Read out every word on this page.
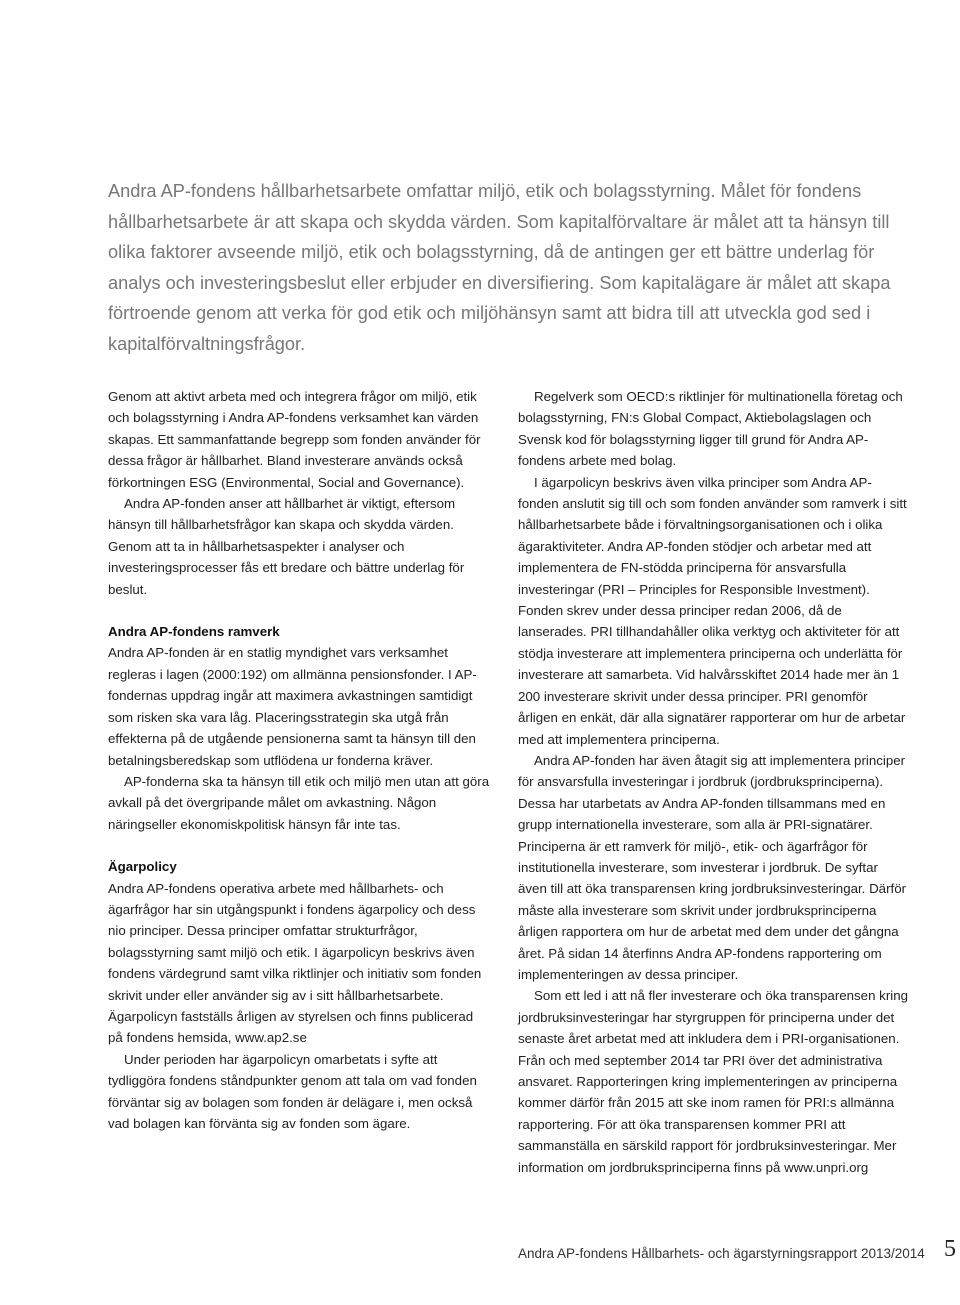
Andra AP-fondens hållbarhetsarbete omfattar miljö, etik och bolagsstyrning. Målet för fondens hållbarhetsarbete är att skapa och skydda värden. Som kapitalförvaltare är målet att ta hänsyn till olika faktorer avseende miljö, etik och bolagsstyrning, då de antingen ger ett bättre underlag för analys och investeringsbeslut eller erbjuder en diversifiering. Som kapitalägare är målet att skapa förtroende genom att verka för god etik och miljöhänsyn samt att bidra till att utveckla god sed i kapitalförvaltningsfrågor.

Genom att aktivt arbeta med och integrera frågor om miljö, etik och bolagsstyrning i Andra AP-fondens verksamhet kan värden skapas. Ett sammanfattande begrepp som fonden använder för dessa frågor är hållbarhet. Bland investerare används också förkortningen ESG (Environmental, Social and Governance).

Andra AP-fonden anser att hållbarhet är viktigt, eftersom hänsyn till hållbarhetsfrågor kan skapa och skydda värden. Genom att ta in hållbarhetsaspekter i analyser och investeringsprocesser fås ett bredare och bättre underlag för beslut.

Andra AP-fondens ramverk

Andra AP-fonden är en statlig myndighet vars verksamhet regleras i lagen (2000:192) om allmänna pensionsfonder. I AP-fondernas uppdrag ingår att maximera avkastningen samtidigt som risken ska vara låg. Placeringsstrategin ska utgå från effekterna på de utgående pensionerna samt ta hänsyn till den betalningsberedskap som utflödena ur fonderna kräver.

AP-fonderna ska ta hänsyn till etik och miljö men utan att göra avkall på det övergripande målet om avkastning. Någon näringseller ekonomiskpolitisk hänsyn får inte tas.

Ägarpolicy

Andra AP-fondens operativa arbete med hållbarhets- och ägarfrågor har sin utgångspunkt i fondens ägarpolicy och dess nio principer. Dessa principer omfattar strukturfrågor, bolagsstyrning samt miljö och etik. I ägarpolicyn beskrivs även fondens värdegrund samt vilka riktlinjer och initiativ som fonden skrivit under eller använder sig av i sitt hållbarhetsarbete. Ägarpolicyn fastställs årligen av styrelsen och finns publicerad på fondens hemsida, www.ap2.se

Under perioden har ägarpolicyn omarbetats i syfte att tydliggöra fondens ståndpunkter genom att tala om vad fonden förväntar sig av bolagen som fonden är delägare i, men också vad bolagen kan förvänta sig av fonden som ägare.

Regelverk som OECD:s riktlinjer för multinationella företag och bolagsstyrning, FN:s Global Compact, Aktiebolagslagen och Svensk kod för bolagsstyrning ligger till grund för Andra AP-fondens arbete med bolag.

I ägarpolicyn beskrivs även vilka principer som Andra AP-fonden anslutit sig till och som fonden använder som ramverk i sitt hållbarhetsarbete både i förvaltningsorganisationen och i olika ägaraktiviteter. Andra AP-fonden stödjer och arbetar med att implementera de FN-stödda principerna för ansvarsfulla investeringar (PRI – Principles for Responsible Investment). Fonden skrev under dessa principer redan 2006, då de lanserades. PRI tillhandahåller olika verktyg och aktiviteter för att stödja investerare att implementera principerna och underlätta för investerare att samarbeta. Vid halvårsskiftet 2014 hade mer än 1 200 investerare skrivit under dessa principer. PRI genomför årligen en enkät, där alla signatärer rapporterar om hur de arbetar med att implementera principerna.

Andra AP-fonden har även åtagit sig att implementera principer för ansvarsfulla investeringar i jordbruk (jordbruksprinciperna). Dessa har utarbetats av Andra AP-fonden tillsammans med en grupp internationella investerare, som alla är PRI-signatärer. Principerna är ett ramverk för miljö-, etik- och ägarfrågor för institutionella investerare, som investerar i jordbruk. De syftar även till att öka transparensen kring jordbruksinvesteringar. Därför måste alla investerare som skrivit under jordbruksprinciperna årligen rapportera om hur de arbetat med dem under det gångna året. På sidan 14 återfinns Andra AP-fondens rapportering om implementeringen av dessa principer.

Som ett led i att nå fler investerare och öka transparensen kring jordbruksinvesteringar har styrgruppen för principerna under det senaste året arbetat med att inkludera dem i PRI-organisationen. Från och med september 2014 tar PRI över det administrativa ansvaret. Rapporteringen kring implementeringen av principerna kommer därför från 2015 att ske inom ramen för PRI:s allmänna rapportering. För att öka transparensen kommer PRI att sammanställa en särskild rapport för jordbruksinvesteringar. Mer information om jordbruksprinciperna finns på www.unpri.org

Andra AP-fondens Hållbarhets- och ägarstyrningsrapport 2013/2014 5
